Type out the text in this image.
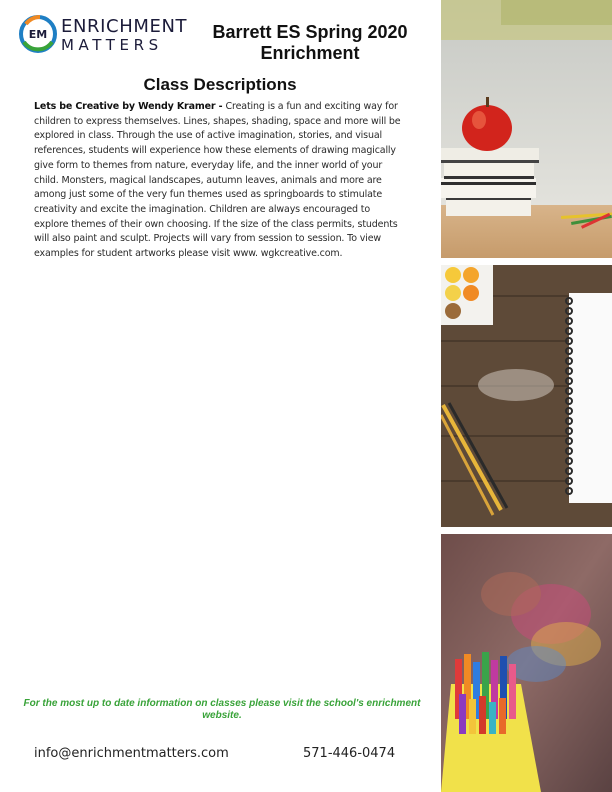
EM ENRICHMENT
MATTERS
Barrett ES Spring 2020
Enrichment
Class Descriptions

Lets be Creative by Wendy Kramer - Creating is a fun and exciting way for children to express themselves. Lines, shapes, shading, space and more will be explored in class. Through the use of active imagination, stories, and visual references, students will experience how these elements of drawing magically give form to themes from nature, everyday life, and the inner world of your child. Monsters, magical landscapes, autumn leaves, animals and more are among just some of the very fun themes used as springboards to stimulate creativity and excite the imagination. Children are always encouraged to explore themes of their own choosing. If the size of the class permits, students will also paint and sculpt. Projects will vary from session to session. To view examples for student artworks please visit www. wgkcreative.com.

For the most up to date information on classes please visit the school's enrichment website.
info@enrichmentmatters.com	571-446-0474
